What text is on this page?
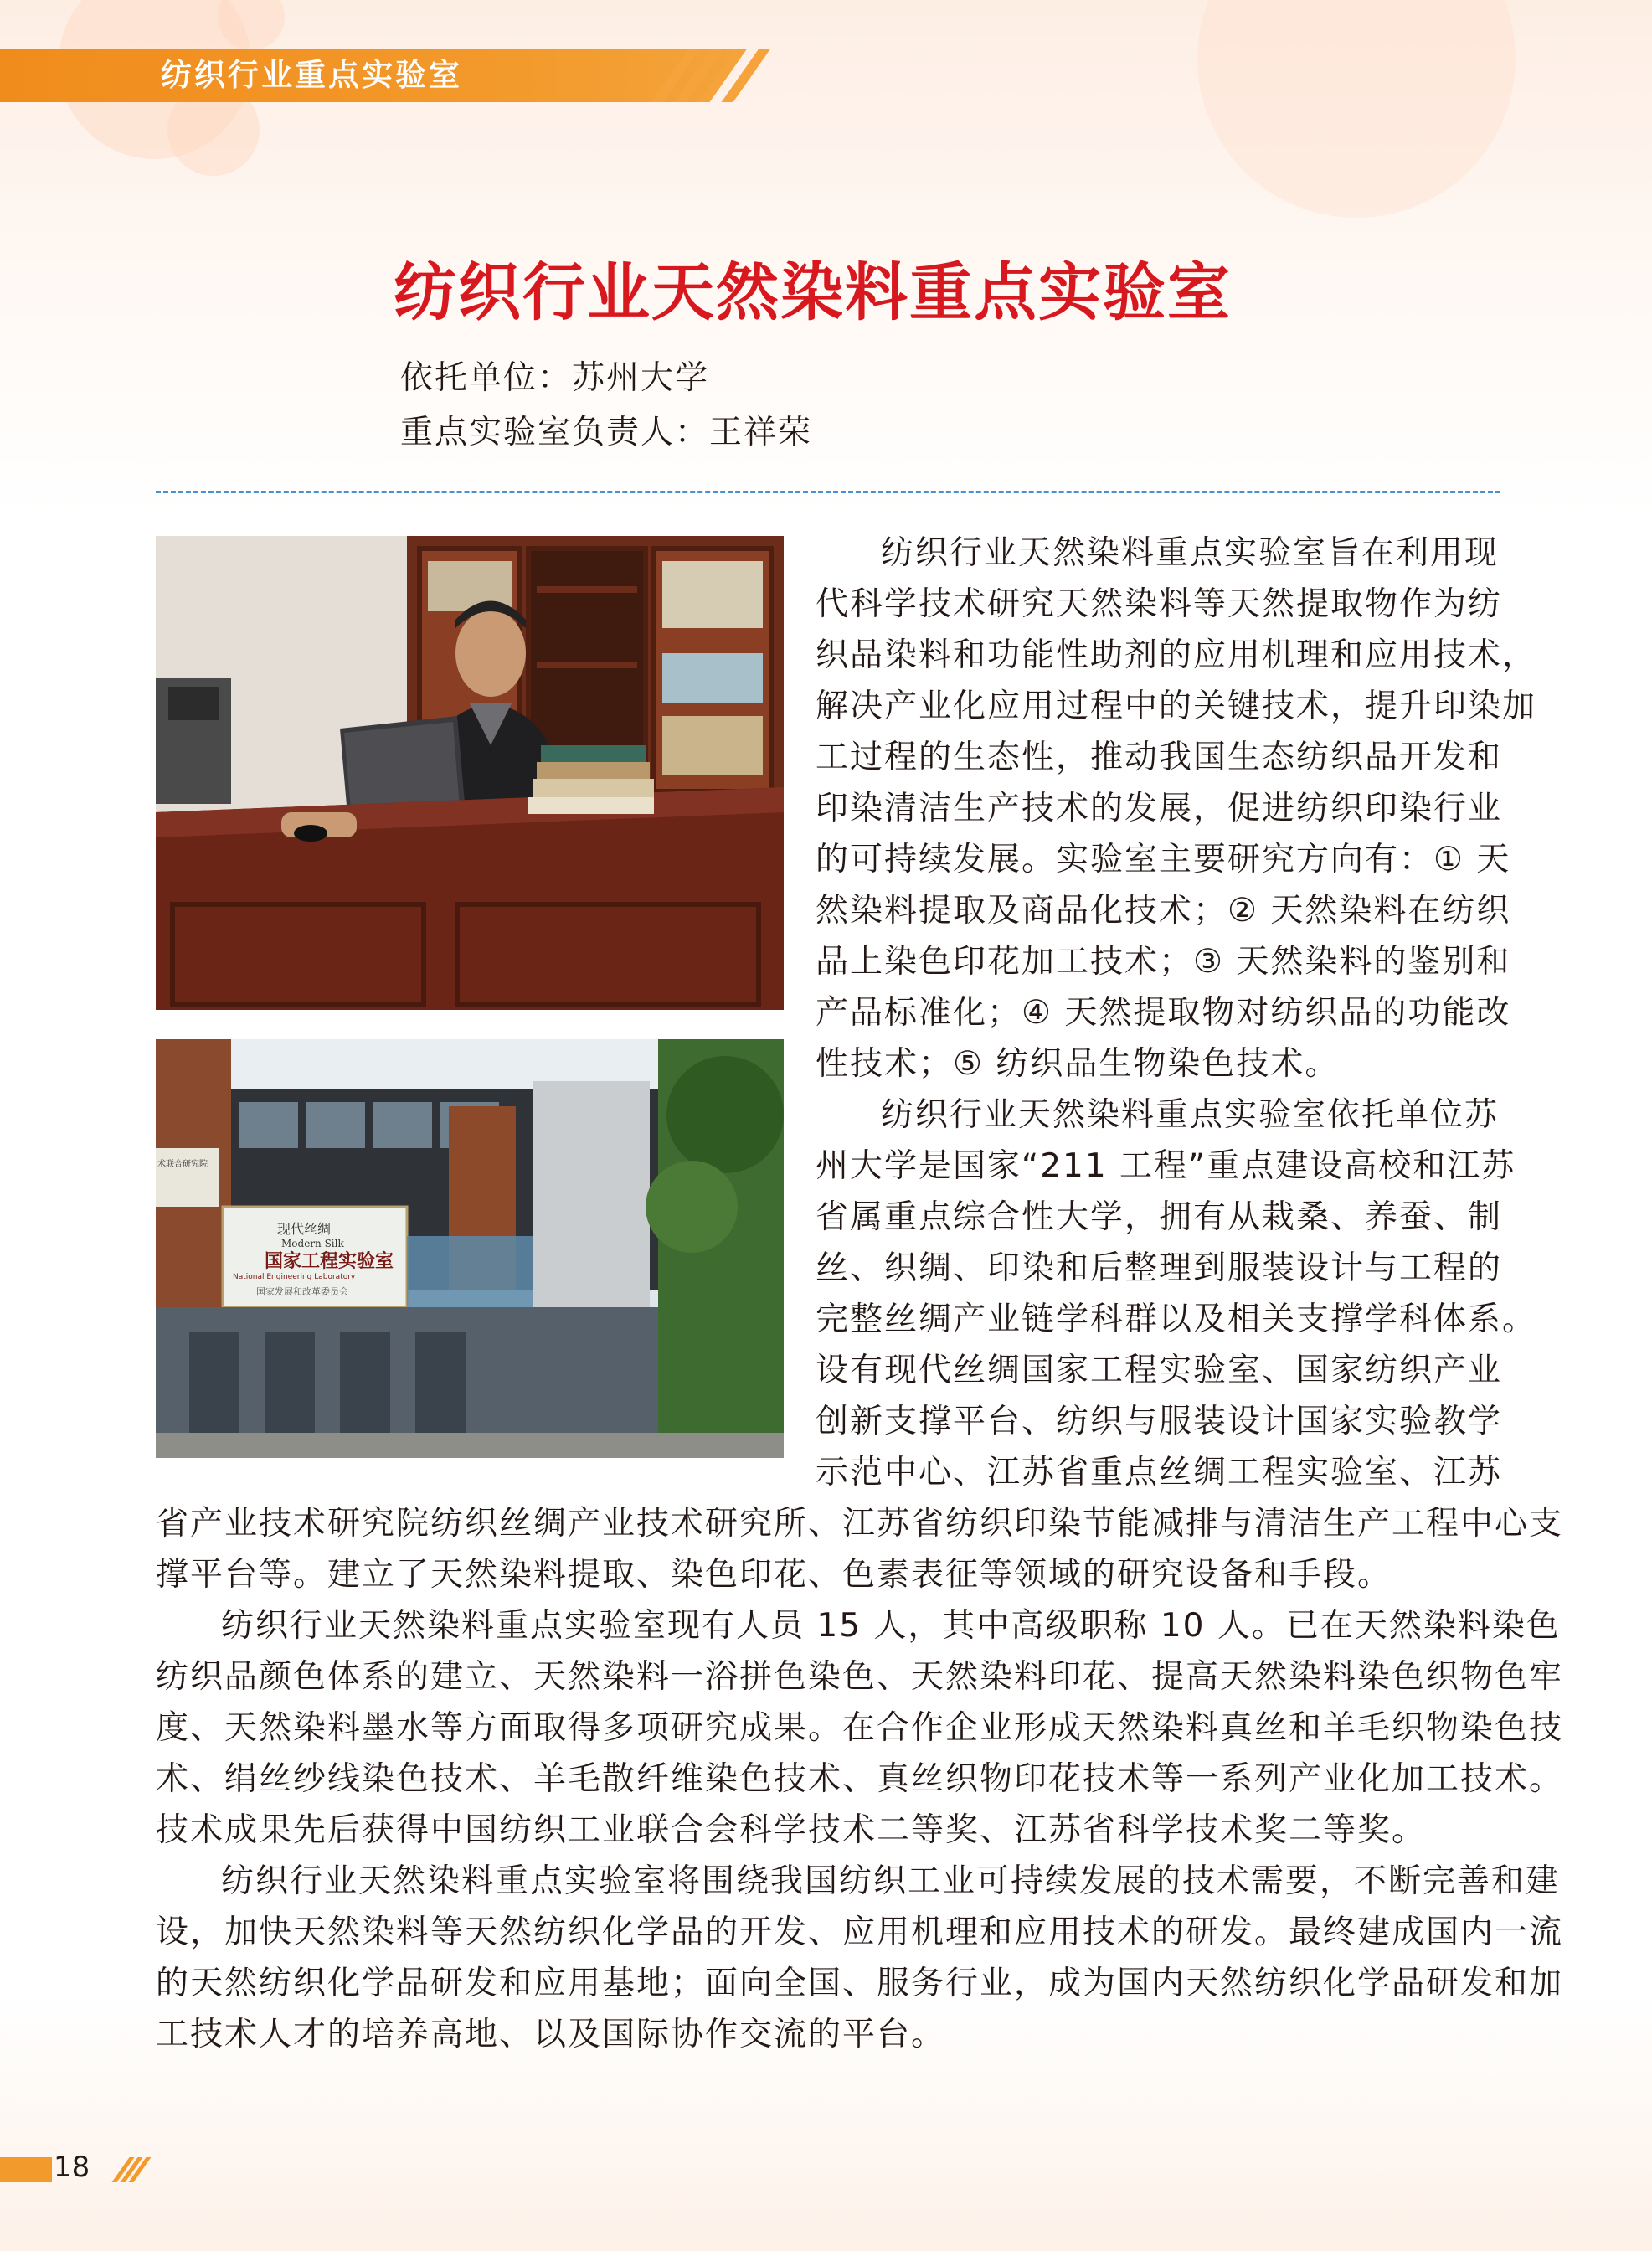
纺织行业重点实验室
纺织行业天然染料重点实验室
依托单位：苏州大学
重点实验室负责人：王祥荣
现代丝绸
Modern Silk
国家工程实验室
National Engineering Laboratory
国家发展和改革委员会
术联合研究院
纺织行业天然染料重点实验室旨在利用现
代科学技术研究天然染料等天然提取物作为纺
织品染料和功能性助剂的应用机理和应用技术，
解决产业化应用过程中的关键技术，提升印染加
工过程的生态性，推动我国生态纺织品开发和
印染清洁生产技术的发展，促进纺织印染行业
的可持续发展。实验室主要研究方向有：① 天
然染料提取及商品化技术；② 天然染料在纺织
品上染色印花加工技术；③ 天然染料的鉴别和
产品标准化；④ 天然提取物对纺织品的功能改
性技术；⑤ 纺织品生物染色技术。
纺织行业天然染料重点实验室依托单位苏
州大学是国家“211 工程”重点建设高校和江苏
省属重点综合性大学，拥有从栽桑、养蚕、制
丝、织绸、印染和后整理到服装设计与工程的
完整丝绸产业链学科群以及相关支撑学科体系。
设有现代丝绸国家工程实验室、国家纺织产业
创新支撑平台、纺织与服装设计国家实验教学
示范中心、江苏省重点丝绸工程实验室、江苏
省产业技术研究院纺织丝绸产业技术研究所、江苏省纺织印染节能减排与清洁生产工程中心支
撑平台等。建立了天然染料提取、染色印花、色素表征等领域的研究设备和手段。
纺织行业天然染料重点实验室现有人员 15 人，其中高级职称 10 人。已在天然染料染色
纺织品颜色体系的建立、天然染料一浴拼色染色、天然染料印花、提高天然染料染色织物色牢
度、天然染料墨水等方面取得多项研究成果。在合作企业形成天然染料真丝和羊毛织物染色技
术、绢丝纱线染色技术、羊毛散纤维染色技术、真丝织物印花技术等一系列产业化加工技术。
技术成果先后获得中国纺织工业联合会科学技术二等奖、江苏省科学技术奖二等奖。
纺织行业天然染料重点实验室将围绕我国纺织工业可持续发展的技术需要，不断完善和建
设，加快天然染料等天然纺织化学品的开发、应用机理和应用技术的研发。最终建成国内一流
的天然纺织化学品研发和应用基地；面向全国、服务行业，成为国内天然纺织化学品研发和加
工技术人才的培养高地、以及国际协作交流的平台。
18
